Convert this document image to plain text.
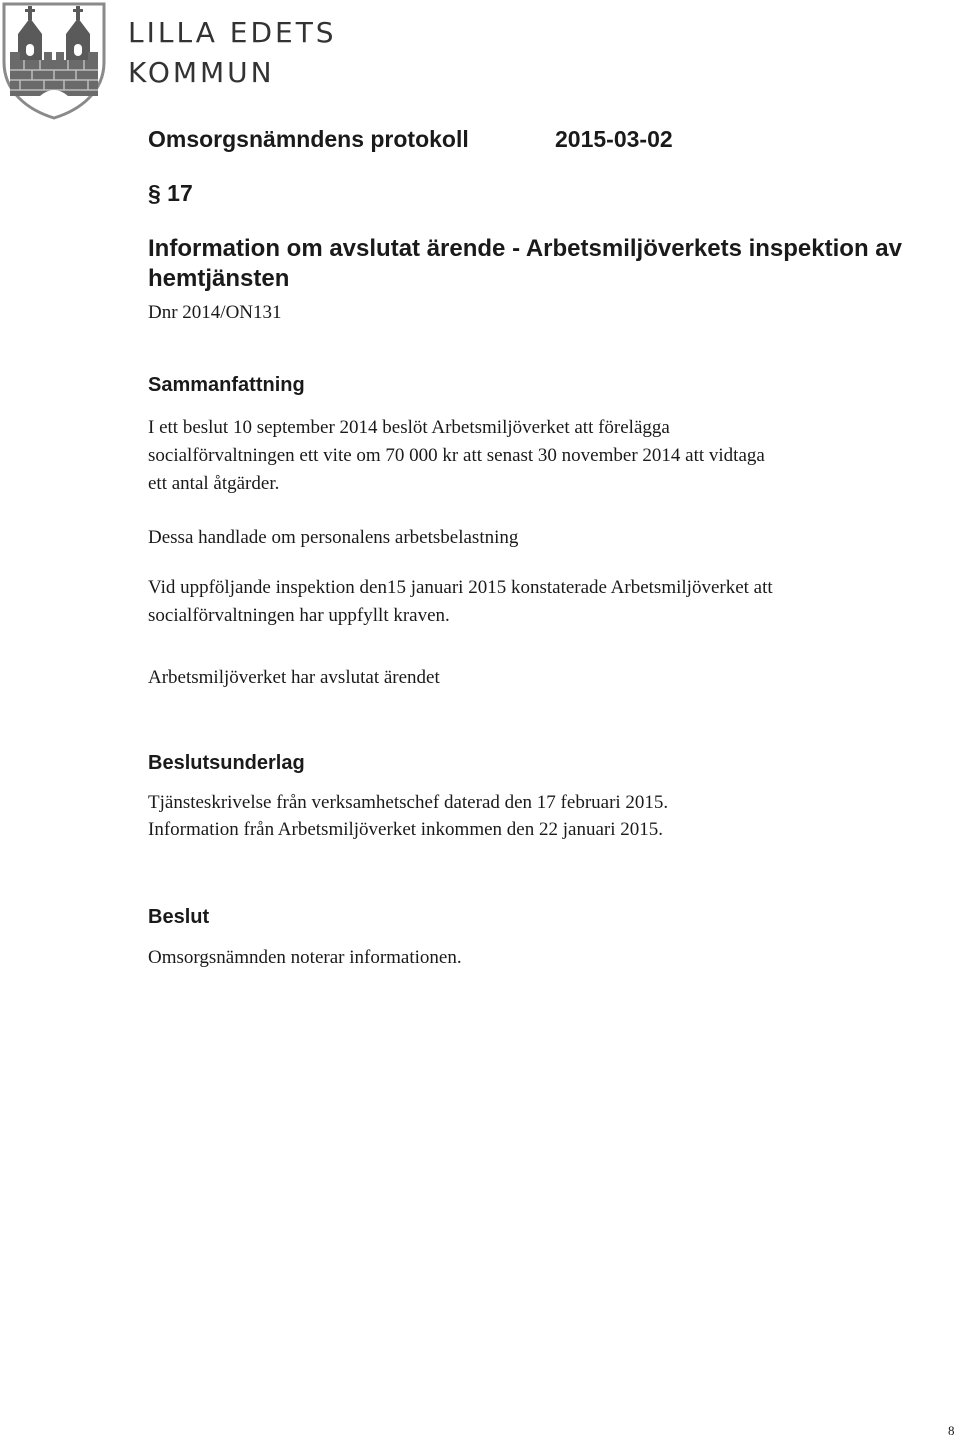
LILLA EDETS
KOMMUN
Omsorgsnämndens protokoll	2015-03-02
§ 17
Information om avslutat ärende - Arbetsmiljöverkets inspektion av hemtjänsten
Dnr 2014/ON131
Sammanfattning
I ett beslut 10 september 2014 beslöt Arbetsmiljöverket att förelägga
socialförvaltningen ett vite om 70 000 kr att senast 30 november 2014 att vidtaga
ett antal åtgärder.
Dessa handlade om personalens arbetsbelastning
Vid uppföljande inspektion den15 januari 2015 konstaterade Arbetsmiljöverket att
socialförvaltningen har uppfyllt kraven.
Arbetsmiljöverket har avslutat ärendet
Beslutsunderlag
Tjänsteskrivelse från verksamhetschef daterad den 17 februari 2015.
Information från Arbetsmiljöverket inkommen den 22 januari 2015.
Beslut
Omsorgsnämnden noterar informationen.
8
